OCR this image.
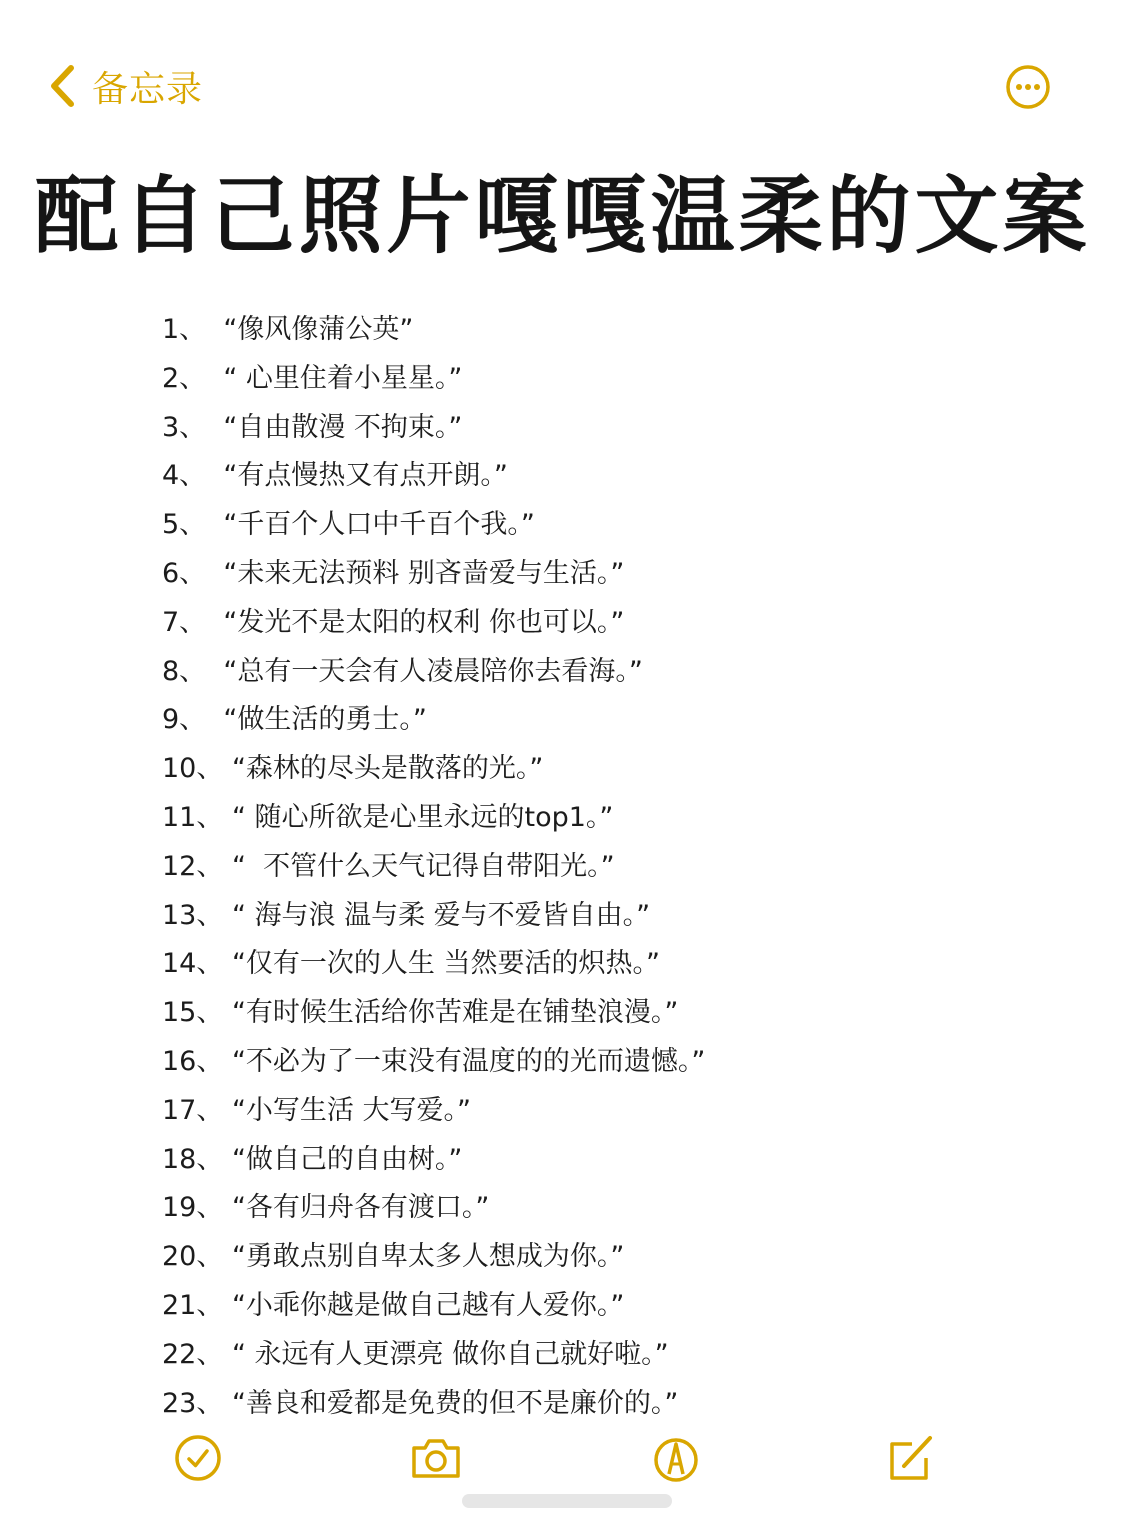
备忘录
配自己照片嘎嘎温柔的文案
1、 “像风像蒲公英”
2、 “ 心里住着小星星。”
3、 “自由散漫 不拘束。”
4、 “有点慢热又有点开朗。”
5、 “千百个人口中千百个我。”
6、 “未来无法预料 别吝啬爱与生活。”
7、 “发光不是太阳的权利 你也可以。”
8、 “总有一天会有人凌晨陪你去看海。”
9、 “做生活的勇士。”
10、 “森林的尽头是散落的光。”
11、 “ 随心所欲是心里永远的top1。”
12、 “  不管什么天气记得自带阳光。”
13、 “ 海与浪 温与柔 爱与不爱皆自由。”
14、 “仅有一次的人生 当然要活的炽热。”
15、 “有时候生活给你苦难是在铺垫浪漫。”
16、 “不必为了一束没有温度的的光而遗憾。”
17、 “小写生活 大写爱。”
18、 “做自己的自由树。”
19、 “各有归舟各有渡口。”
20、 “勇敢点别自卑太多人想成为你。”
21、 “小乖你越是做自己越有人爱你。”
22、 “ 永远有人更漂亮 做你自己就好啦。”
23、 “善良和爱都是免费的但不是廉价的。”
